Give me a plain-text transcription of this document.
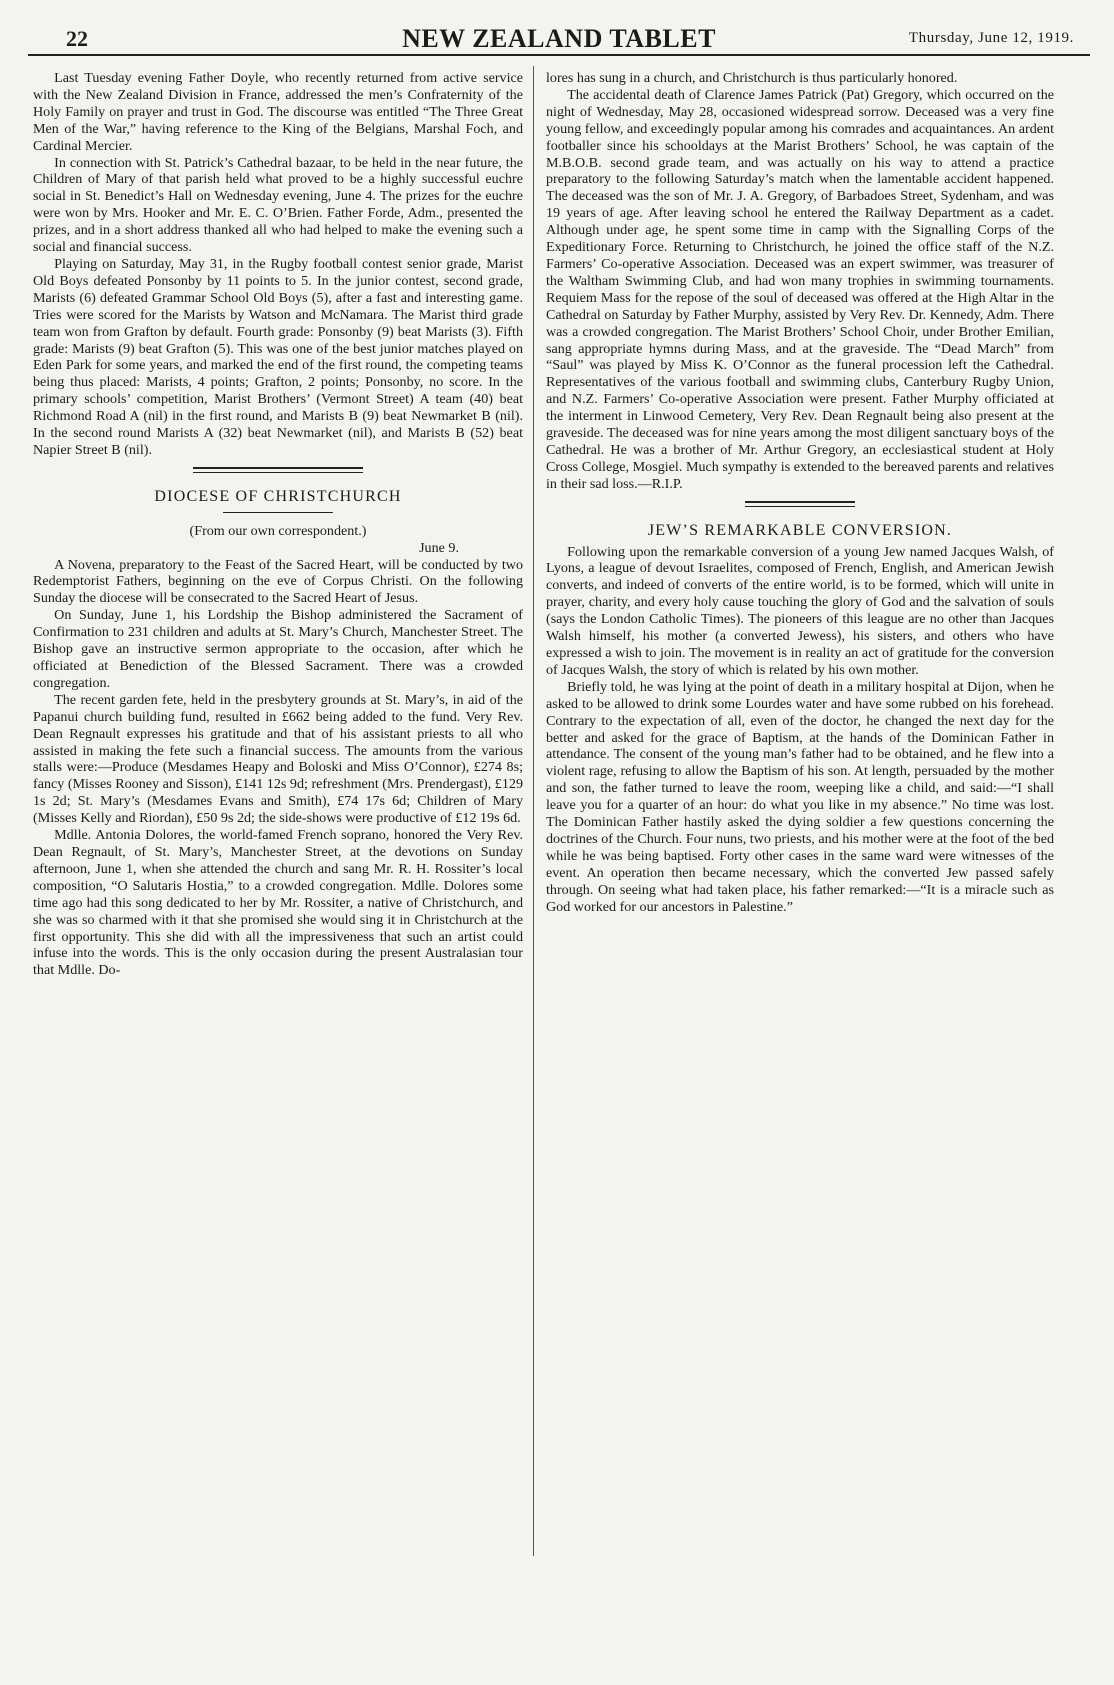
22	NEW ZEALAND TABLET	Thursday, June 12, 1919.

Last Tuesday evening Father Doyle, who recently returned from active service with the New Zealand Division in France, addressed the men’s Confraternity of the Holy Family on prayer and trust in God. The discourse was entitled “The Three Great Men of the War,” having reference to the King of the Belgians, Marshal Foch, and Cardinal Mercier.

In connection with St. Patrick’s Cathedral bazaar, to be held in the near future, the Children of Mary of that parish held what proved to be a highly successful euchre social in St. Benedict’s Hall on Wednesday evening, June 4. The prizes for the euchre were won by Mrs. Hooker and Mr. E. C. O’Brien. Father Forde, Adm., presented the prizes, and in a short address thanked all who had helped to make the evening such a social and financial success.

Playing on Saturday, May 31, in the Rugby football contest senior grade, Marist Old Boys defeated Ponsonby by 11 points to 5. In the junior contest, second grade, Marists (6) defeated Grammar School Old Boys (5), after a fast and interesting game. Tries were scored for the Marists by Watson and McNamara. The Marist third grade team won from Grafton by default. Fourth grade: Ponsonby (9) beat Marists (3). Fifth grade: Marists (9) beat Grafton (5). This was one of the best junior matches played on Eden Park for some years, and marked the end of the first round, the competing teams being thus placed: Marists, 4 points; Grafton, 2 points; Ponsonby, no score. In the primary schools’ competition, Marist Brothers’ (Vermont Street) A team (40) beat Richmond Road A (nil) in the first round, and Marists B (9) beat Newmarket B (nil). In the second round Marists A (32) beat Newmarket (nil), and Marists B (52) beat Napier Street B (nil).

DIOCESE OF CHRISTCHURCH
(From our own correspondent.)
June 9.

A Novena, preparatory to the Feast of the Sacred Heart, will be conducted by two Redemptorist Fathers, beginning on the eve of Corpus Christi. On the following Sunday the diocese will be consecrated to the Sacred Heart of Jesus.

On Sunday, June 1, his Lordship the Bishop administered the Sacrament of Confirmation to 231 children and adults at St. Mary’s Church, Manchester Street. The Bishop gave an instructive sermon appropriate to the occasion, after which he officiated at Benediction of the Blessed Sacrament. There was a crowded congregation.

The recent garden fete, held in the presbytery grounds at St. Mary’s, in aid of the Papanui church building fund, resulted in £662 being added to the fund. Very Rev. Dean Regnault expresses his gratitude and that of his assistant priests to all who assisted in making the fete such a financial success. The amounts from the various stalls were:—Produce (Mesdames Heapy and Boloski and Miss O’Connor), £274 8s; fancy (Misses Rooney and Sisson), £141 12s 9d; refreshment (Mrs. Prendergast), £129 1s 2d; St. Mary’s (Mesdames Evans and Smith), £74 17s 6d; Children of Mary (Misses Kelly and Riordan), £50 9s 2d; the side-shows were productive of £12 19s 6d.

Mdlle. Antonia Dolores, the world-famed French soprano, honored the Very Rev. Dean Regnault, of St. Mary’s, Manchester Street, at the devotions on Sunday afternoon, June 1, when she attended the church and sang Mr. R. H. Rossiter’s local composition, “O Salutaris Hostia,” to a crowded congregation. Mdlle. Dolores some time ago had this song dedicated to her by Mr. Rossiter, a native of Christchurch, and she was so charmed with it that she promised she would sing it in Christchurch at the first opportunity. This she did with all the impressiveness that such an artist could infuse into the words. This is the only occasion during the present Australasian tour that Mdlle. Do-

lores has sung in a church, and Christchurch is thus particularly honored.

The accidental death of Clarence James Patrick (Pat) Gregory, which occurred on the night of Wednesday, May 28, occasioned widespread sorrow. Deceased was a very fine young fellow, and exceedingly popular among his comrades and acquaintances. An ardent footballer since his schooldays at the Marist Brothers’ School, he was captain of the M.B.O.B. second grade team, and was actually on his way to attend a practice preparatory to the following Saturday’s match when the lamentable accident happened. The deceased was the son of Mr. J. A. Gregory, of Barbadoes Street, Sydenham, and was 19 years of age. After leaving school he entered the Railway Department as a cadet. Although under age, he spent some time in camp with the Signalling Corps of the Expeditionary Force. Returning to Christchurch, he joined the office staff of the N.Z. Farmers’ Co-operative Association. Deceased was an expert swimmer, was treasurer of the Waltham Swimming Club, and had won many trophies in swimming tournaments. Requiem Mass for the repose of the soul of deceased was offered at the High Altar in the Cathedral on Saturday by Father Murphy, assisted by Very Rev. Dr. Kennedy, Adm. There was a crowded congregation. The Marist Brothers’ School Choir, under Brother Emilian, sang appropriate hymns during Mass, and at the graveside. The “Dead March” from “Saul” was played by Miss K. O’Connor as the funeral procession left the Cathedral. Representatives of the various football and swimming clubs, Canterbury Rugby Union, and N.Z. Farmers’ Co-operative Association were present. Father Murphy officiated at the interment in Linwood Cemetery, Very Rev. Dean Regnault being also present at the graveside. The deceased was for nine years among the most diligent sanctuary boys of the Cathedral. He was a brother of Mr. Arthur Gregory, an ecclesiastical student at Holy Cross College, Mosgiel. Much sympathy is extended to the bereaved parents and relatives in their sad loss.—R.I.P.

JEW’S REMARKABLE CONVERSION.

Following upon the remarkable conversion of a young Jew named Jacques Walsh, of Lyons, a league of devout Israelites, composed of French, English, and American Jewish converts, and indeed of converts of the entire world, is to be formed, which will unite in prayer, charity, and every holy cause touching the glory of God and the salvation of souls (says the London Catholic Times). The pioneers of this league are no other than Jacques Walsh himself, his mother (a converted Jewess), his sisters, and others who have expressed a wish to join. The movement is in reality an act of gratitude for the conversion of Jacques Walsh, the story of which is related by his own mother.

Briefly told, he was lying at the point of death in a military hospital at Dijon, when he asked to be allowed to drink some Lourdes water and have some rubbed on his forehead. Contrary to the expectation of all, even of the doctor, he changed the next day for the better and asked for the grace of Baptism, at the hands of the Dominican Father in attendance. The consent of the young man’s father had to be obtained, and he flew into a violent rage, refusing to allow the Baptism of his son. At length, persuaded by the mother and son, the father turned to leave the room, weeping like a child, and said:—“I shall leave you for a quarter of an hour: do what you like in my absence.” No time was lost. The Dominican Father hastily asked the dying soldier a few questions concerning the doctrines of the Church. Four nuns, two priests, and his mother were at the foot of the bed while he was being baptised. Forty other cases in the same ward were witnesses of the event. An operation then became necessary, which the converted Jew passed safely through. On seeing what had taken place, his father remarked:—“It is a miracle such as God worked for our ancestors in Palestine.”
